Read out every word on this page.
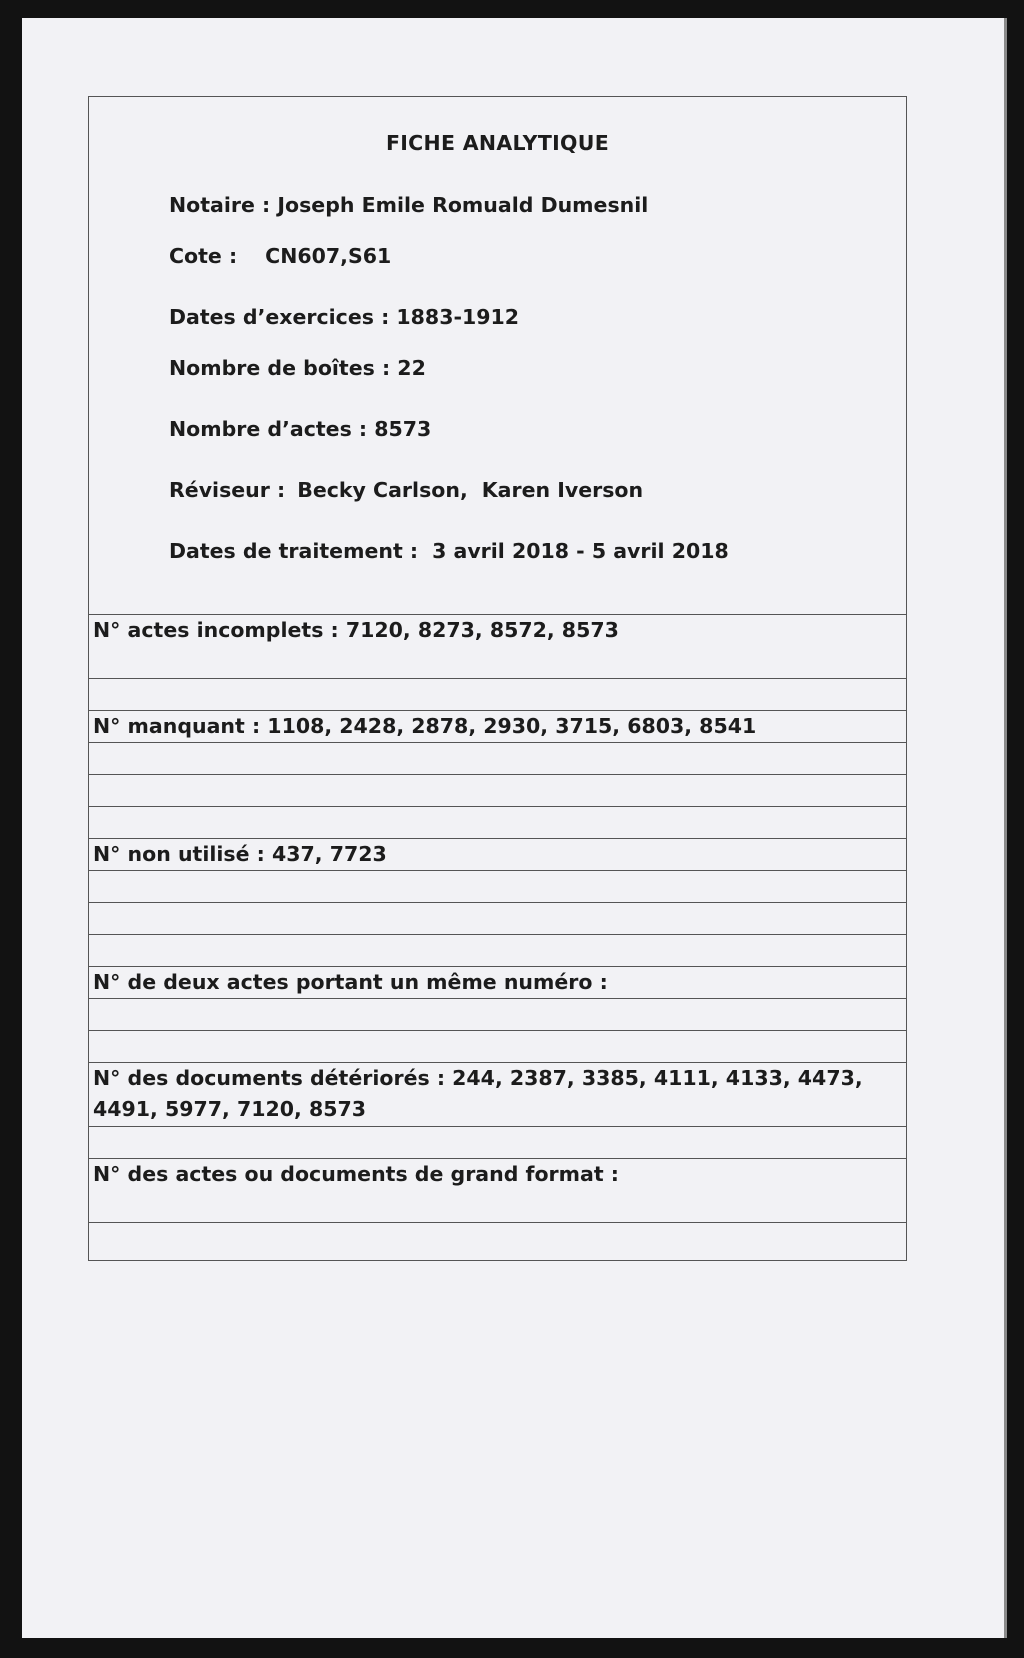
FICHE ANALYTIQUE
Notaire : Joseph Emile Romuald Dumesnil
Cote : CN607,S61
Dates d’exercices : 1883-1912
Nombre de boîtes : 22
Nombre d’actes : 8573
Réviseur : Becky Carlson, Karen Iverson
Dates de traitement : 3 avril 2018 - 5 avril 2018
N° actes incomplets : 7120, 8273, 8572, 8573
N° manquant : 1108, 2428, 2878, 2930, 3715, 6803, 8541
N° non utilisé : 437, 7723
N° de deux actes portant un même numéro :
N° des documents détériorés : 244, 2387, 3385, 4111, 4133, 4473, 4491, 5977, 7120, 8573
N° des actes ou documents de grand format :
